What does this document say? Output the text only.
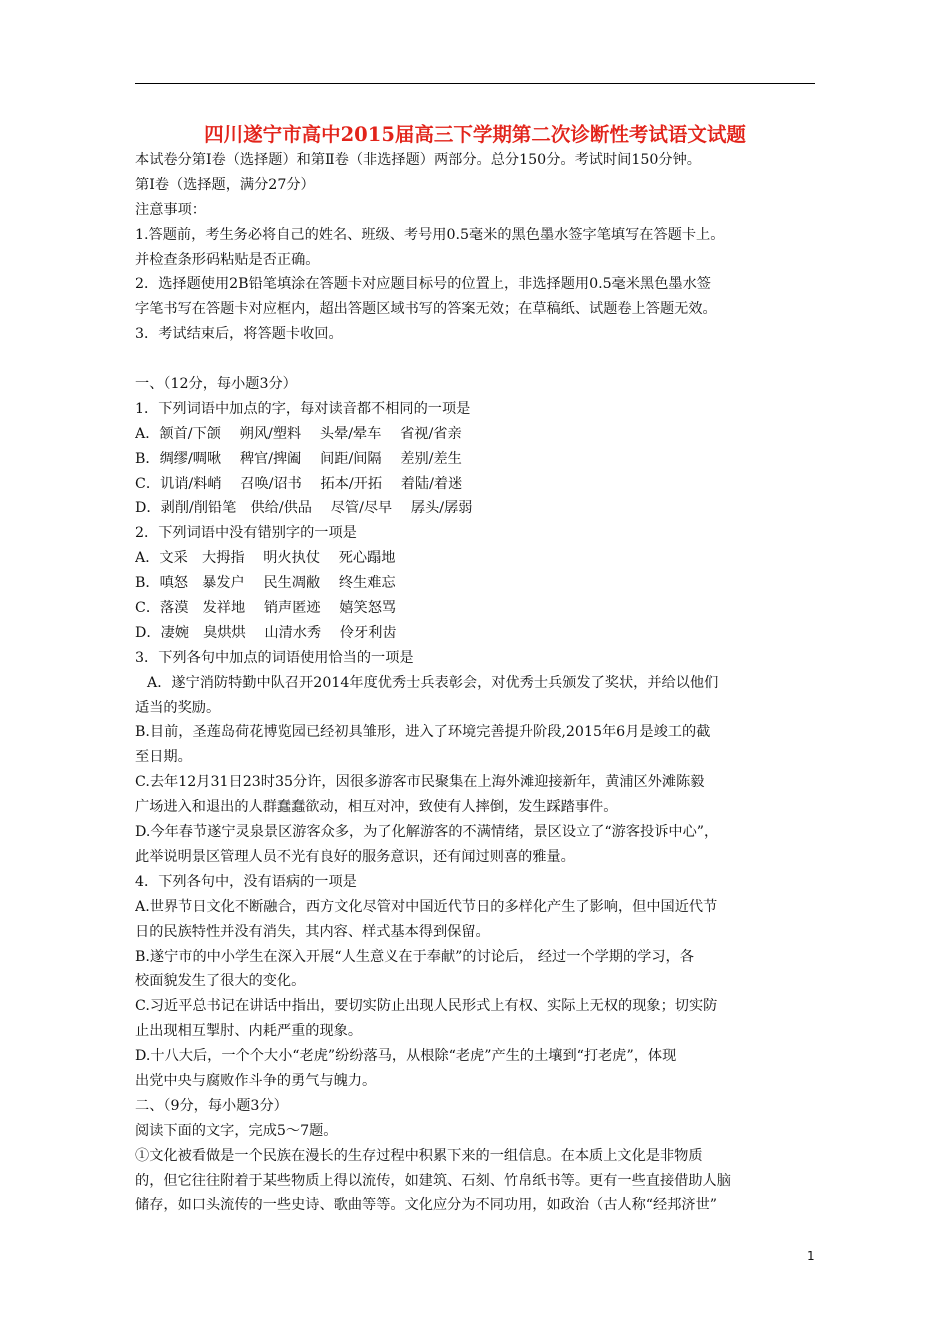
四川遂宁市高中2015届高三下学期第二次诊断性考试语文试题
本试卷分第Ⅰ卷（选择题）和第Ⅱ卷（非选择题）两部分。总分150分。考试时间150分钟。
第Ⅰ卷（选择题，满分27分）
注意事项：
1.答题前，考生务必将自己的姓名、班级、考号用0.5毫米的黑色墨水签字笔填写在答题卡上。
并检查条形码粘贴是否正确。
2．选择题使用2B铅笔填涂在答题卡对应题目标号的位置上，非选择题用0.5毫米黑色墨水签
字笔书写在答题卡对应框内，超出答题区域书写的答案无效；在草稿纸、试题卷上答题无效。
3．考试结束后，将答题卡收回。
一、（12分，每小题3分）
1．下列词语中加点的字，每对读音都不相同的一项是
A．颔首/下颌　 朔风/塑料　 头晕/晕车　 省视/省亲
B．绸缪/啁啾　 稗官/捭阖　 间距/间隔　 差别/差生
C．讥诮/料峭　 召唤/诏书　 拓本/开拓　 着陆/着迷
D．剥削/削铅笔　供给/供品　 尽管/尽早　 孱头/孱弱
2．下列词语中没有错别字的一项是
A．文采　大拇指　 明火执仗　 死心蹋地
B．嗔怒　暴发户　 民生凋敝　 终生难忘
C．落漠　发祥地　 销声匿迹　 嬉笑怒骂
D．凄婉　臭烘烘　 山清水秀　 伶牙利齿
3．下列各句中加点的词语使用恰当的一项是
A．遂宁消防特勤中队召开2014年度优秀士兵表彰会，对优秀士兵颁发了奖状，并给以他们
适当的奖励。
B.目前，圣莲岛荷花博览园已经初具雏形，进入了环境完善提升阶段,2015年6月是竣工的截
至日期。
C.去年12月31日23时35分许，因很多游客市民聚集在上海外滩迎接新年，黄浦区外滩陈毅
广场进入和退出的人群蠢蠢欲动，相互对冲，致使有人摔倒，发生踩踏事件。
D.今年春节遂宁灵泉景区游客众多，为了化解游客的不满情绪，景区设立了“游客投诉中心”，
此举说明景区管理人员不光有良好的服务意识，还有闻过则喜的雅量。
4．下列各句中，没有语病的一项是
A.世界节日文化不断融合，西方文化尽管对中国近代节日的多样化产生了影响，但中国近代节
日的民族特性并没有消失，其内容、样式基本得到保留。
B.遂宁市的中小学生在深入开展“人生意义在于奉献”的讨论后， 经过一个学期的学习，各
校面貌发生了很大的变化。
C.习近平总书记在讲话中指出，要切实防止出现人民形式上有权、实际上无权的现象；切实防
止出现相互掣肘、内耗严重的现象。
D.十八大后，一个个大小“老虎”纷纷落马，从根除“老虎”产生的土壤到“打老虎”，体现
出党中央与腐败作斗争的勇气与魄力。
二、（9分，每小题3分）
阅读下面的文字，完成5～7题。
①文化被看做是一个民族在漫长的生存过程中积累下来的一组信息。在本质上文化是非物质
的，但它往往附着于某些物质上得以流传，如建筑、石刻、竹帛纸书等。更有一些直接借助人脑
储存，如口头流传的一些史诗、歌曲等等。文化应分为不同功用，如政治（古人称“经邦济世”
1
